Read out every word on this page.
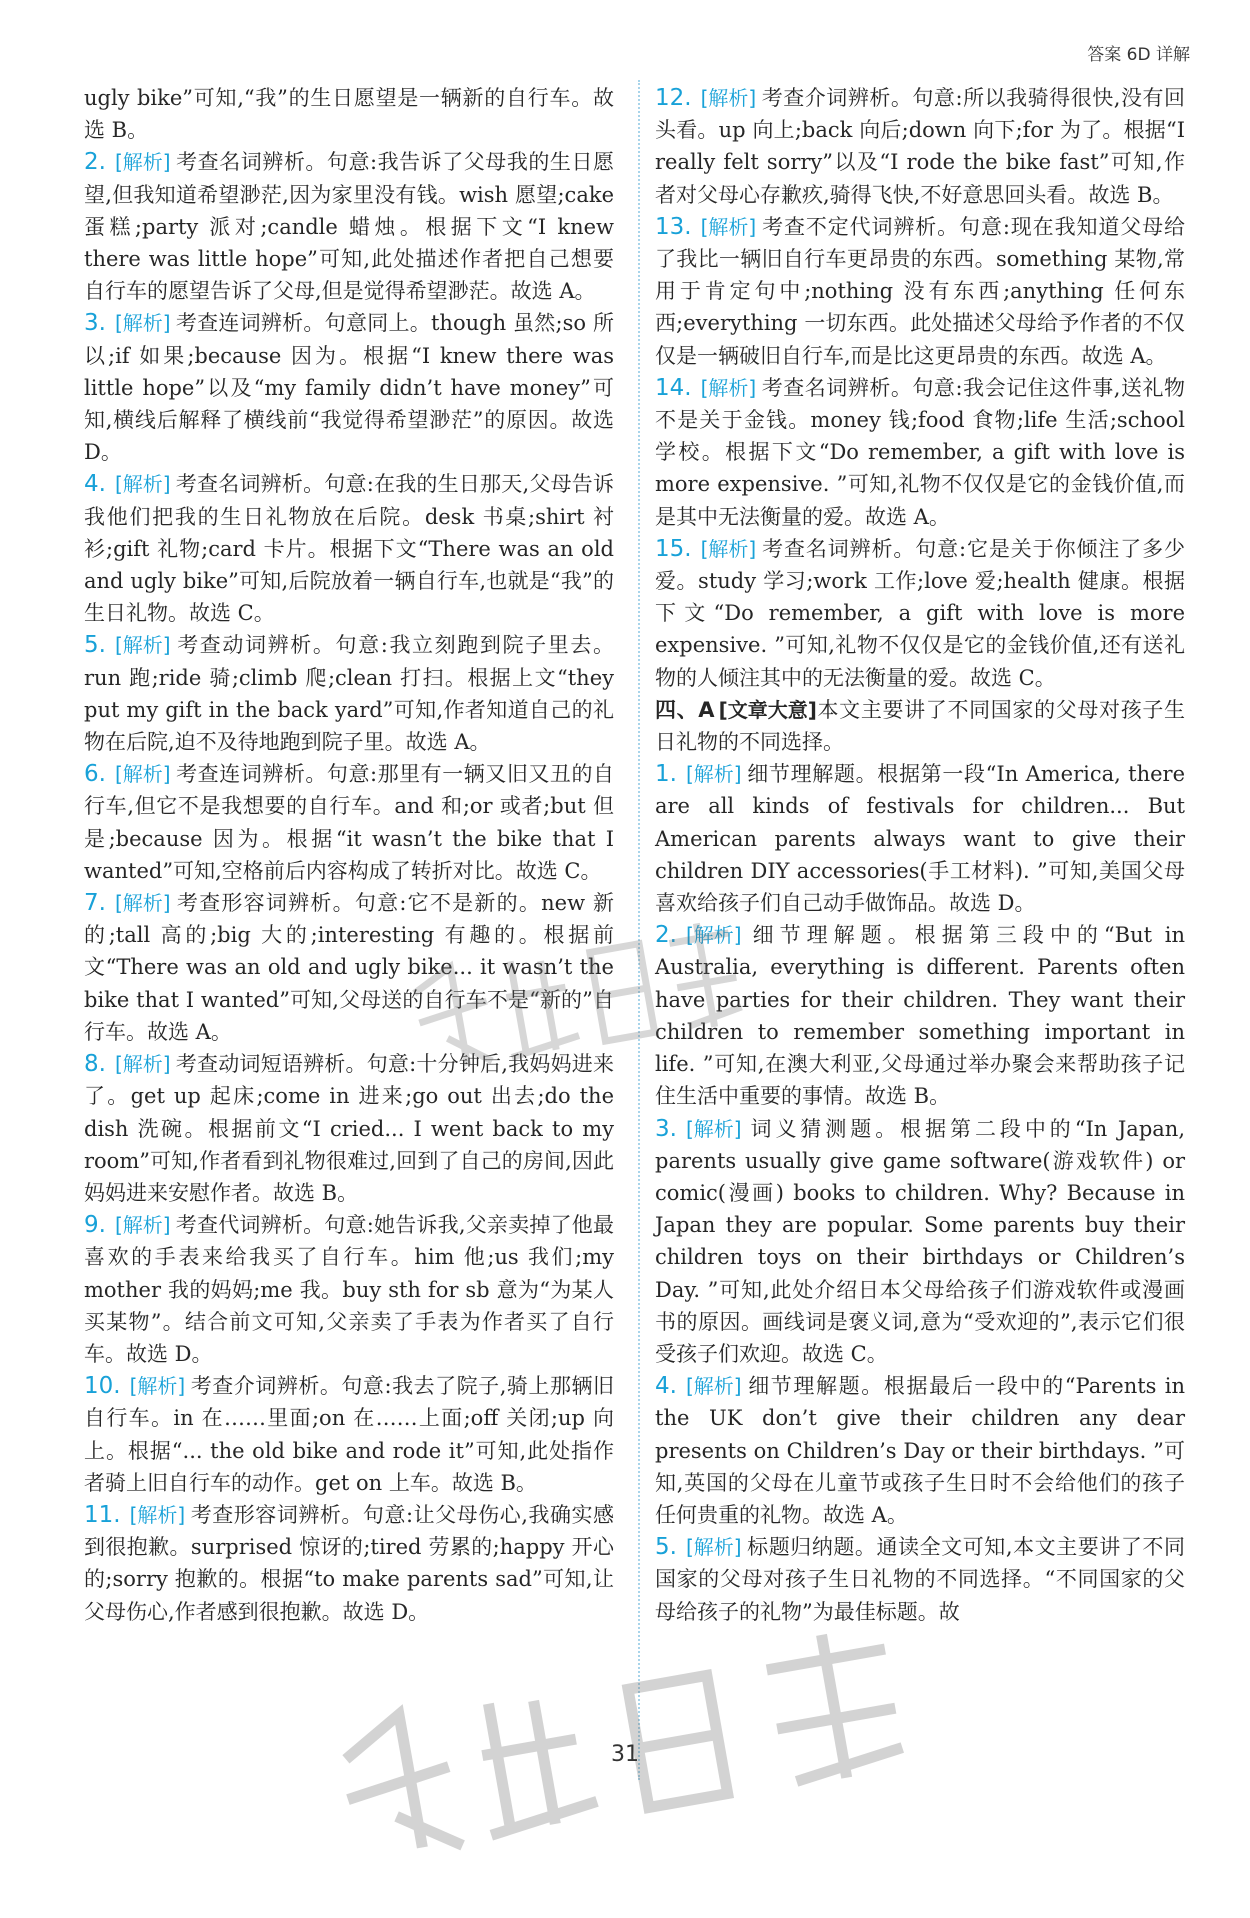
答案 6D 详解

ugly bike”可知,“我”的生日愿望是一辆新的自行车。故选 B。

2. [ 解析 ] 考查名词辨析。句意:我告诉了父母我的生日愿望,但我知道希望渺茫,因为家里没有钱。wish 愿望;cake 蛋糕;party 派对;candle 蜡烛。根据下文“I knew there was little hope”可知,此处描述作者把自己想要自行车的愿望告诉了父母,但是觉得希望渺茫。故选 A。

3. [ 解析 ] 考查连词辨析。句意同上。though 虽然;so 所以;if 如果;because 因为。根据“I knew there was little hope”以及“my family didn’t have money”可知,横线后解释了横线前“我觉得希望渺茫”的原因。故选 D。

4. [ 解析 ] 考查名词辨析。句意:在我的生日那天,父母告诉我他们把我的生日礼物放在后院。desk 书桌;shirt 衬衫;gift 礼物;card 卡片。根据下文“There was an old and ugly bike”可知,后院放着一辆自行车,也就是“我”的生日礼物。故选 C。

5. [ 解析 ] 考查动词辨析。句意:我立刻跑到院子里去。run 跑;ride 骑;climb 爬;clean 打扫。根据上文“they put my gift in the back yard”可知,作者知道自己的礼物在后院,迫不及待地跑到院子里。故选 A。

6. [ 解析 ] 考查连词辨析。句意:那里有一辆又旧又丑的自行车,但它不是我想要的自行车。and 和;or 或者;but 但是;because 因为。根据“it wasn’t the bike that I wanted”可知,空格前后内容构成了转折对比。故选 C。

7. [ 解析 ] 考查形容词辨析。句意:它不是新的。new 新的;tall 高的;big 大的;interesting 有趣的。根据前文“There was an old and ugly bike... it wasn’t the bike that I wanted”可知,父母送的自行车不是“新的”自行车。故选 A。

8. [ 解析 ] 考查动词短语辨析。句意:十分钟后,我妈妈进来了。get up 起床;come in 进来;go out 出去;do the dish 洗碗。根据前文“I cried... I went back to my room”可知,作者看到礼物很难过,回到了自己的房间,因此妈妈进来安慰作者。故选 B。

9. [ 解析 ] 考查代词辨析。句意:她告诉我,父亲卖掉了他最喜欢的手表来给我买了自行车。him 他;us 我们;my mother 我的妈妈;me 我。buy sth for sb 意为“为某人买某物”。结合前文可知,父亲卖了手表为作者买了自行车。故选 D。

10. [ 解析 ] 考查介词辨析。句意:我去了院子,骑上那辆旧自行车。in 在……里面;on 在……上面;off 关闭;up 向上。根据“... the old bike and rode it”可知,此处指作者骑上旧自行车的动作。get on 上车。故选 B。

11. [ 解析 ] 考查形容词辨析。句意:让父母伤心,我确实感到很抱歉。surprised 惊讶的;tired 劳累的;happy 开心的;sorry 抱歉的。根据“to make parents sad”可知,让父母伤心,作者感到很抱歉。故选 D。

12. [ 解析 ] 考查介词辨析。句意:所以我骑得很快,没有回头看。up 向上;back 向后;down 向下;for 为了。根据“I really felt sorry”以及“I rode the bike fast”可知,作者对父母心存歉疚,骑得飞快,不好意思回头看。故选 B。

13. [ 解析 ] 考查不定代词辨析。句意:现在我知道父母给了我比一辆旧自行车更昂贵的东西。something 某物,常用于肯定句中;nothing 没有东西;anything 任何东西;everything 一切东西。此处描述父母给予作者的不仅仅是一辆破旧自行车,而是比这更昂贵的东西。故选 A。

14. [ 解析 ] 考查名词辨析。句意:我会记住这件事,送礼物不是关于金钱。money 钱;food 食物;life 生活;school 学校。根据下文“Do remember, a gift with love is more expensive. ”可知,礼物不仅仅是它的金钱价值,而是其中无法衡量的爱。故选 A。

15. [ 解析 ] 考查名词辨析。句意:它是关于你倾注了多少爱。study 学习;work 工作;love 爱;health 健康。根据下文“Do remember, a gift with love is more expensive. ”可知,礼物不仅仅是它的金钱价值,还有送礼物的人倾注其中的无法衡量的爱。故选 C。

四、A [ 文章大意 ] 本文主要讲了不同国家的父母对孩子生日礼物的不同选择。

1. [ 解析 ] 细节理解题。根据第一段“In America, there are all kinds of festivals for children... But American parents always want to give their children DIY accessories(手工材料). ”可知,美国父母喜欢给孩子们自己动手做饰品。故选 D。

2. [ 解析 ] 细节理解题。根据第三段中的“But in Australia, everything is different. Parents often have parties for their children. They want their children to remember something important in life. ”可知,在澳大利亚,父母通过举办聚会来帮助孩子记住生活中重要的事情。故选 B。

3. [ 解析 ] 词义猜测题。根据第二段中的“In Japan, parents usually give game software(游戏软件) or comic(漫画) books to children. Why? Because in Japan they are popular. Some parents buy their children toys on their birthdays or Children’s Day. ”可知,此处介绍日本父母给孩子们游戏软件或漫画书的原因。画线词是褒义词,意为“受欢迎的”,表示它们很受孩子们欢迎。故选 C。

4. [ 解析 ] 细节理解题。根据最后一段中的“Parents in the UK don’t give their children any dear presents on Children’s Day or their birthdays. ”可知,英国的父母在儿童节或孩子生日时不会给他们的孩子任何贵重的礼物。故选 A。

5. [ 解析 ] 标题归纳题。通读全文可知,本文主要讲了不同国家的父母对孩子生日礼物的不同选择。“不同国家的父母给孩子的礼物”为最佳标题。故

31
